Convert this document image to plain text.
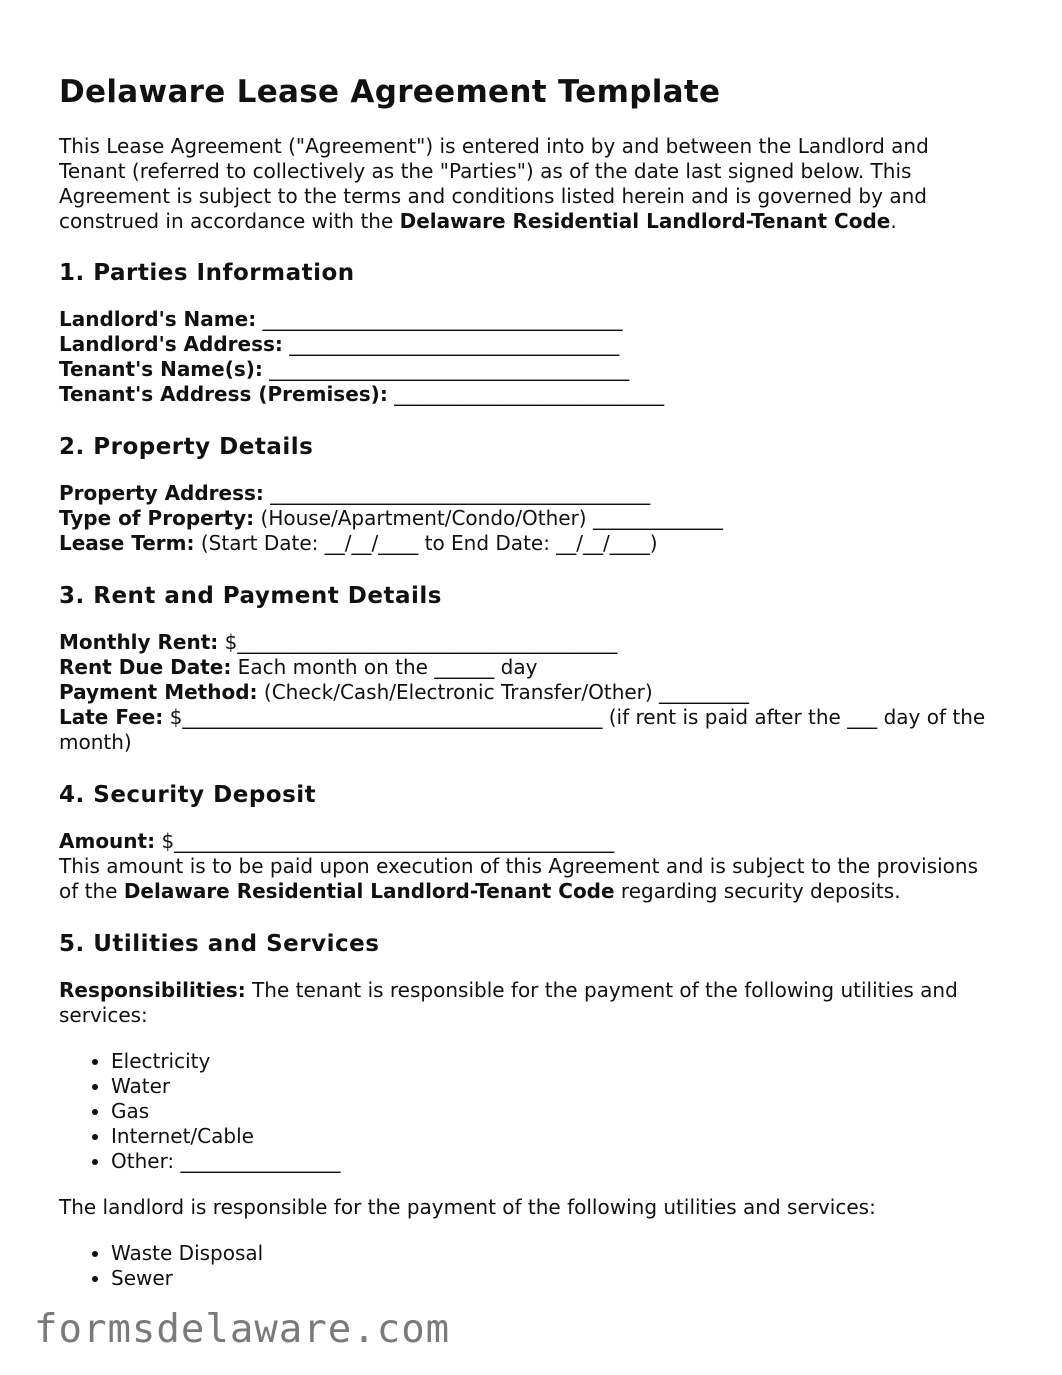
Delaware Lease Agreement Template

This Lease Agreement ("Agreement") is entered into by and between the Landlord and Tenant (referred to collectively as the "Parties") as of the date last signed below. This Agreement is subject to the terms and conditions listed herein and is governed by and construed in accordance with the Delaware Residential Landlord-Tenant Code.

1. Parties Information

Landlord's Name: ____________________________________

Landlord's Address: _________________________________

Tenant's Name(s): ____________________________________

Tenant's Address (Premises): ___________________________

2. Property Details

Property Address: ______________________________________

Type of Property: (House/Apartment/Condo/Other) _____________

Lease Term: (Start Date: __/__/____ to End Date: __/__/____)

3. Rent and Payment Details

Monthly Rent: $______________________________________

Rent Due Date: Each month on the ______ day

Payment Method: (Check/Cash/Electronic Transfer/Other) _________

Late Fee: $__________________________________________ (if rent is paid after the ___ day of the month)

4. Security Deposit

Amount: $____________________________________________

This amount is to be paid upon execution of this Agreement and is subject to the provisions of the Delaware Residential Landlord-Tenant Code regarding security deposits.

5. Utilities and Services

Responsibilities: The tenant is responsible for the payment of the following utilities and services:

• Electricity
• Water
• Gas
• Internet/Cable
• Other: ________________

The landlord is responsible for the payment of the following utilities and services:

• Waste Disposal
• Sewer
formsdelaware.com
